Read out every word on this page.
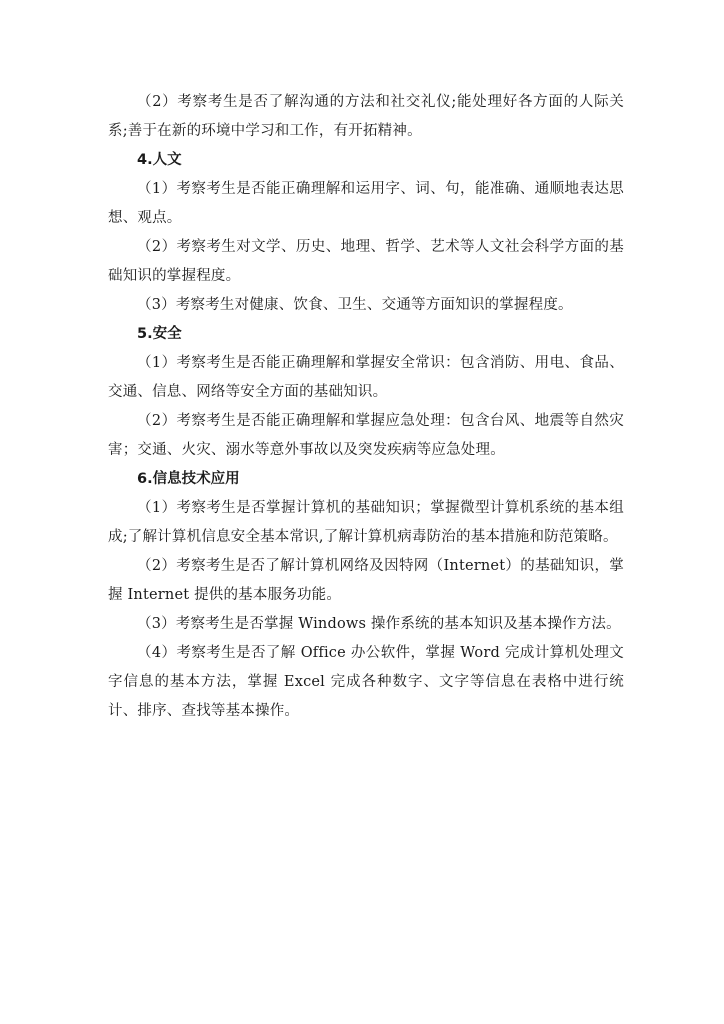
（2）考察考生是否了解沟通的方法和社交礼仪;能处理好各方面的人际关系;善于在新的环境中学习和工作，有开拓精神。

4.人文

（1）考察考生是否能正确理解和运用字、词、句，能准确、通顺地表达思想、观点。

（2）考察考生对文学、历史、地理、哲学、艺术等人文社会科学方面的基础知识的掌握程度。

（3）考察考生对健康、饮食、卫生、交通等方面知识的掌握程度。

5.安全

（1）考察考生是否能正确理解和掌握安全常识：包含消防、用电、食品、交通、信息、网络等安全方面的基础知识。

（2）考察考生是否能正确理解和掌握应急处理：包含台风、地震等自然灾害；交通、火灾、溺水等意外事故以及突发疾病等应急处理。

6.信息技术应用

（1）考察考生是否掌握计算机的基础知识；掌握微型计算机系统的基本组成;了解计算机信息安全基本常识,了解计算机病毒防治的基本措施和防范策略。

（2）考察考生是否了解计算机网络及因特网（Internet）的基础知识，掌握 Internet 提供的基本服务功能。

（3）考察考生是否掌握 Windows 操作系统的基本知识及基本操作方法。

（4）考察考生是否了解 Office 办公软件，掌握 Word 完成计算机处理文字信息的基本方法，掌握 Excel 完成各种数字、文字等信息在表格中进行统计、排序、查找等基本操作。
